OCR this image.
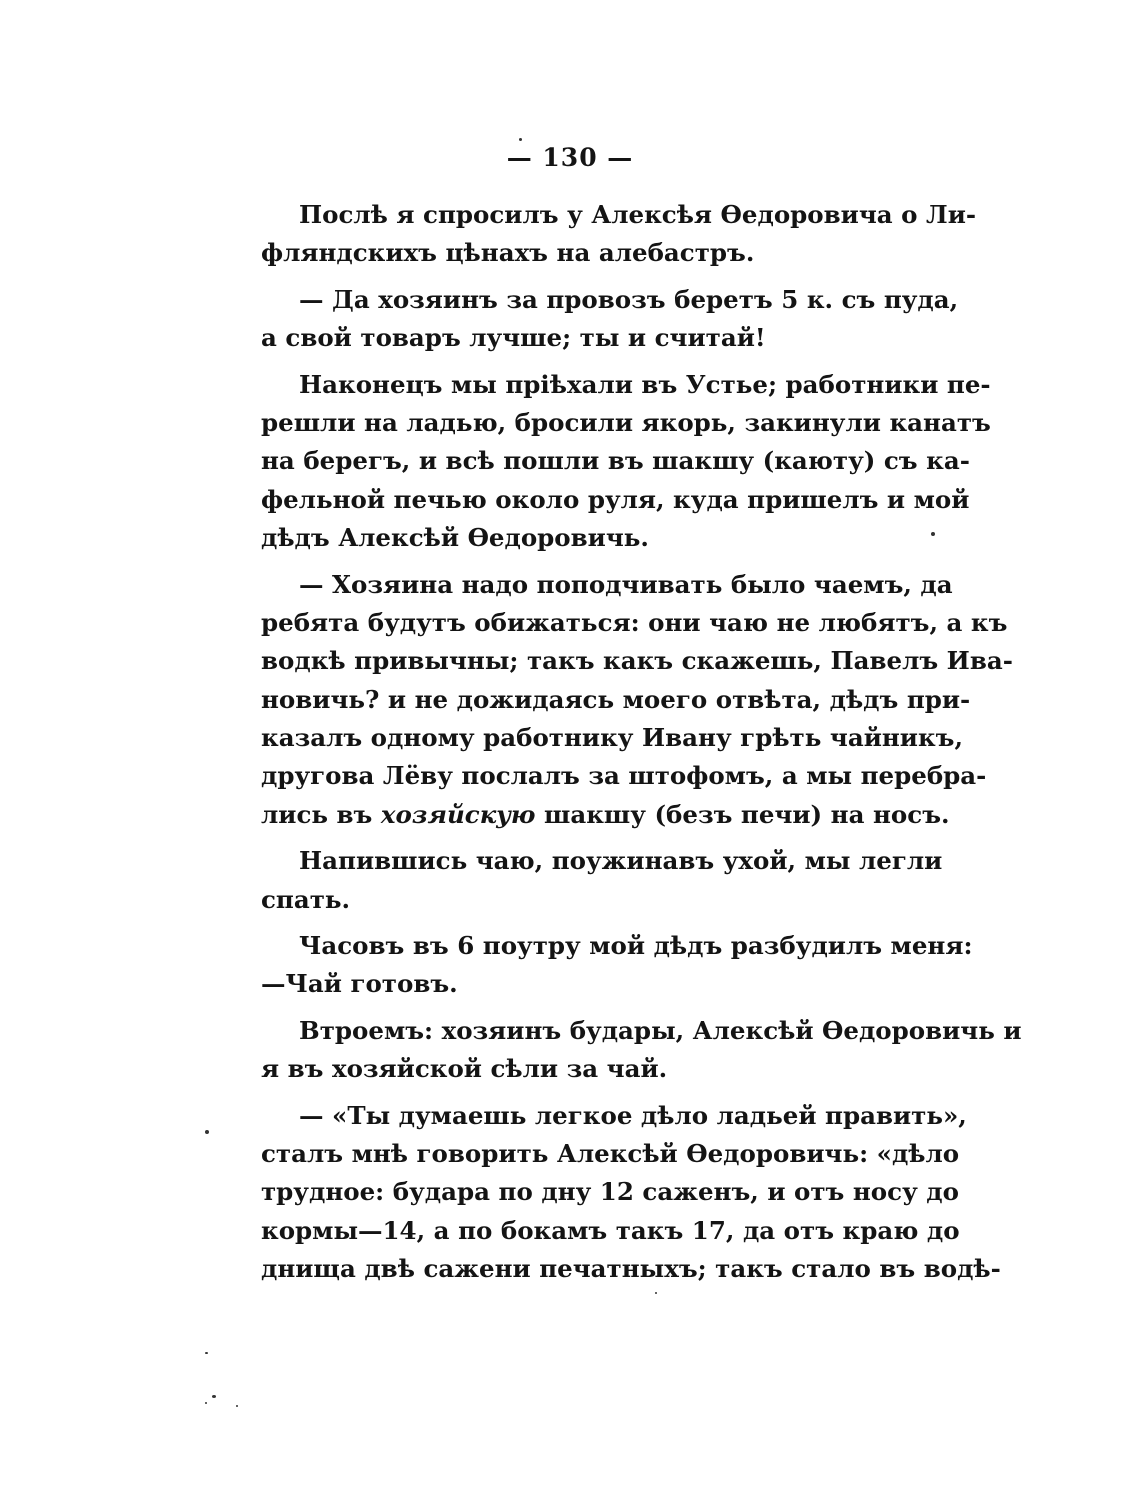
— 130 —
Послѣ я спросилъ у Алексѣя Өедоровича о Ли-
фляндскихъ цѣнахъ на алебастръ.
— Да хозяинъ за провозъ беретъ 5 к. съ пуда,
а свой товаръ лучше; ты и считай!
Наконецъ мы пріѣхали въ Устье; работники пе-
решли на ладью, бросили якорь, закинули канатъ
на берегъ, и всѣ пошли въ шакшу (каюту) съ ка-
фельной печью около руля, куда пришелъ и мой
дѣдъ Алексѣй Өедоровичь.
— Хозяина надо поподчивать было чаемъ, да
ребята будутъ обижаться: они чаю не любятъ, а къ
водкѣ привычны; такъ какъ скажешь, Павелъ Ива-
новичь? и не дожидаясь моего отвѣта, дѣдъ при-
казалъ одному работнику Ивану грѣть чайникъ,
другова Лёву послалъ за штофомъ, а мы перебра-
лись въ хозяйскую шакшу (безъ печи) на носъ.
Напившись чаю, поужинавъ ухой, мы легли
спать.
Часовъ въ 6 поутру мой дѣдъ разбудилъ меня:
—Чай готовъ.
Втроемъ: хозяинъ будары, Алексѣй Өедоровичь и
я въ хозяйской сѣли за чай.
— «Ты думаешь легкое дѣло ладьей править»,
сталъ мнѣ говорить Алексѣй Өедоровичь: «дѣло
трудное: будара по дну 12 саженъ, и отъ носу до
кормы—14, а по бокамъ такъ 17, да отъ краю до
днища двѣ сажени печатныхъ; такъ стало въ водѣ-
